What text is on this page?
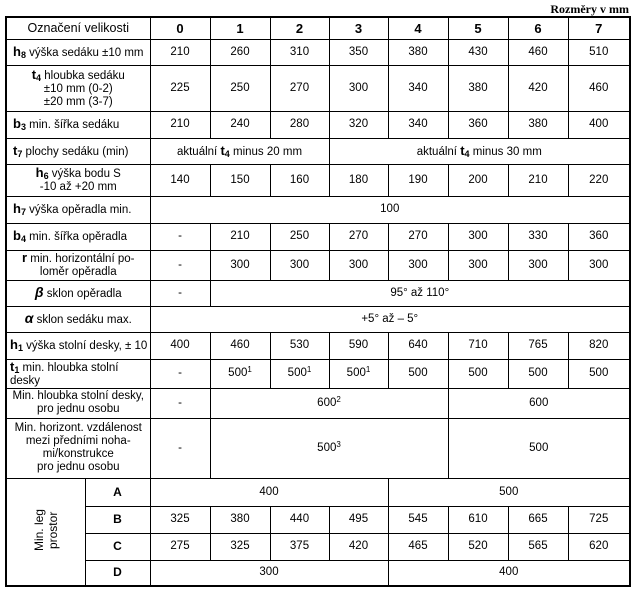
Rozměry v mm
Označení velikosti		0	1	2	3	4	5	6	7
h8 výška sedáku ±10 mm		210	260	310	350	380	430	460	510
t4 hloubka sedáku
±10 mm (0-2)
±20 mm (3-7)		225	250	270	300	340	380	420	460
b3 min. šířka sedáku		210	240	280	320	340	360	380	400
t7 plochy sedáku (min)		aktuální t4 minus 20 mm			aktuální t4 minus 30 mm				
h6 výška bodu S
-10 až +20 mm		140	150	160	180	190	200	210	220
h7 výška opěradla min.		100							
b4 min. šířka opěradla		-	210	250	270	270	300	330	360
r min. horizontální po-
loměr opěradla		-	300	300	300	300	300	300	300
β sklon opěradla		-	95° až 110°						
α sklon sedáku max.		+5° až – 5°							
h1 výška stolní desky, ± 10		400	460	530	590	640	710	765	820
t1 min. hloubka stolní desky		-	$500^1$	$500^1$	$500^1$	500	500	500	500
Min. hloubka stolní desky,
pro jednu osobu		-	$600^2$				600		
Min. horizont. vzdálenost
mezi předními noha-
mi/konstrukce
pro jednu osobu		-	$500^3$				500		
Min. leg
prostor	A	400				500			
	B	325	380	440	495	545	610	665	725
	C	275	325	375	420	465	520	565	620
	D	300				400			
